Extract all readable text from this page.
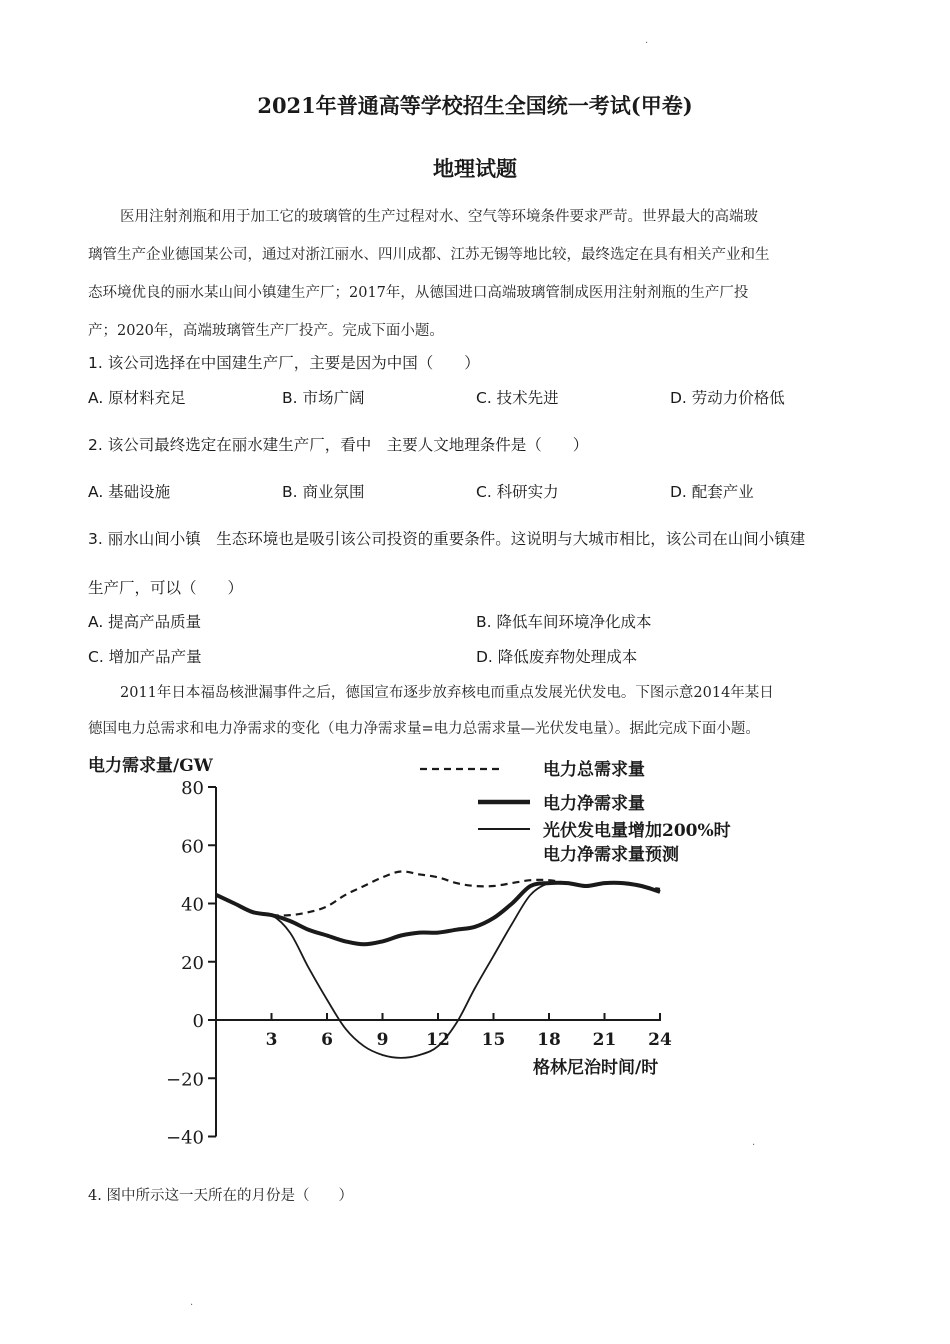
·
2021年普通高等学校招生全国统一考试(甲卷)
地理试题
医用注射剂瓶和用于加工它的玻璃管的生产过程对水、空气等环境条件要求严苛。世界最大的高端玻
璃管生产企业德国某公司，通过对浙江丽水、四川成都、江苏无锡等地比较，最终选定在具有相关产业和生
态环境优良的丽水某山间小镇建生产厂；2017年，从德国进口高端玻璃管制成医用注射剂瓶的生产厂投
产；2020年，高端玻璃管生产厂投产。完成下面小题。
1. 该公司选择在中国建生产厂，主要是因为中国（　　）
A. 原材料充足	B. 市场广阔	C. 技术先进	D. 劳动力价格低
2. 该公司最终选定在丽水建生产厂，看中　主要人文地理条件是（　　）
A. 基础设施	B. 商业氛围	C. 科研实力	D. 配套产业
3. 丽水山间小镇　生态环境也是吸引该公司投资的重要条件。这说明与大城市相比，该公司在山间小镇建
生产厂，可以（　　）
A. 提高产品质量	B. 降低车间环境净化成本
C. 增加产品产量	D. 降低废弃物处理成本
2011年日本福岛核泄漏事件之后，德国宣布逐步放弃核电而重点发展光伏发电。下图示意2014年某日
德国电力总需求和电力净需求的变化（电力净需求量=电力总需求量—光伏发电量）。据此完成下面小题。
电力需求量/GW
格林尼治时间/时
电力总需求量
电力净需求量
光伏发电量增加200%时
电力净需求量预测
80
60
40
20
0
−20
−40
3	6	9 12 15 18 21 24
·
4. 图中所示这一天所在的月份是（　　）
·
